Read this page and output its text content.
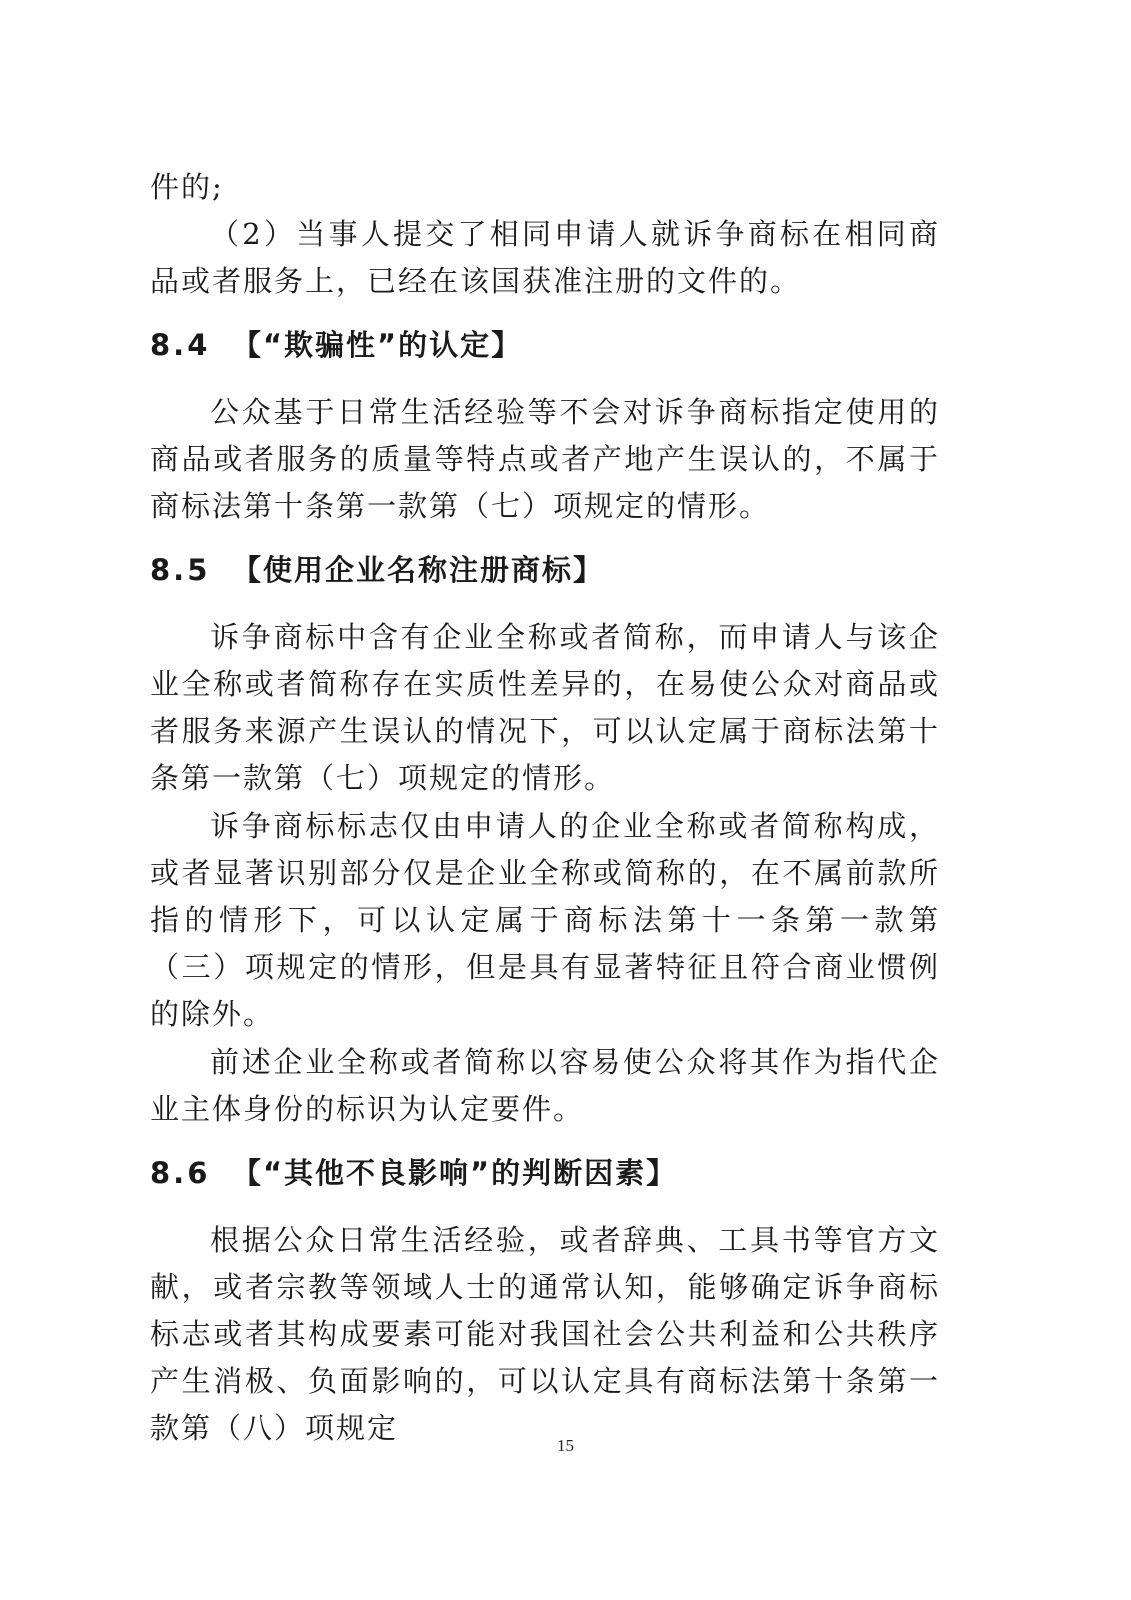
件的;

（2）当事人提交了相同申请人就诉争商标在相同商品或者服务上，已经在该国获准注册的文件的。

8.4 【“欺骗性”的认定】

公众基于日常生活经验等不会对诉争商标指定使用的商品或者服务的质量等特点或者产地产生误认的，不属于商标法第十条第一款第（七）项规定的情形。

8.5 【使用企业名称注册商标】

诉争商标中含有企业全称或者简称，而申请人与该企业全称或者简称存在实质性差异的，在易使公众对商品或者服务来源产生误认的情况下，可以认定属于商标法第十条第一款第（七）项规定的情形。

诉争商标标志仅由申请人的企业全称或者简称构成，或者显著识别部分仅是企业全称或简称的，在不属前款所指的情形下，可以认定属于商标法第十一条第一款第（三）项规定的情形，但是具有显著特征且符合商业惯例的除外。

前述企业全称或者简称以容易使公众将其作为指代企业主体身份的标识为认定要件。

8.6 【“其他不良影响”的判断因素】

根据公众日常生活经验，或者辞典、工具书等官方文献，或者宗教等领域人士的通常认知，能够确定诉争商标标志或者其构成要素可能对我国社会公共利益和公共秩序产生消极、负面影响的，可以认定具有商标法第十条第一款第（八）项规定

15
